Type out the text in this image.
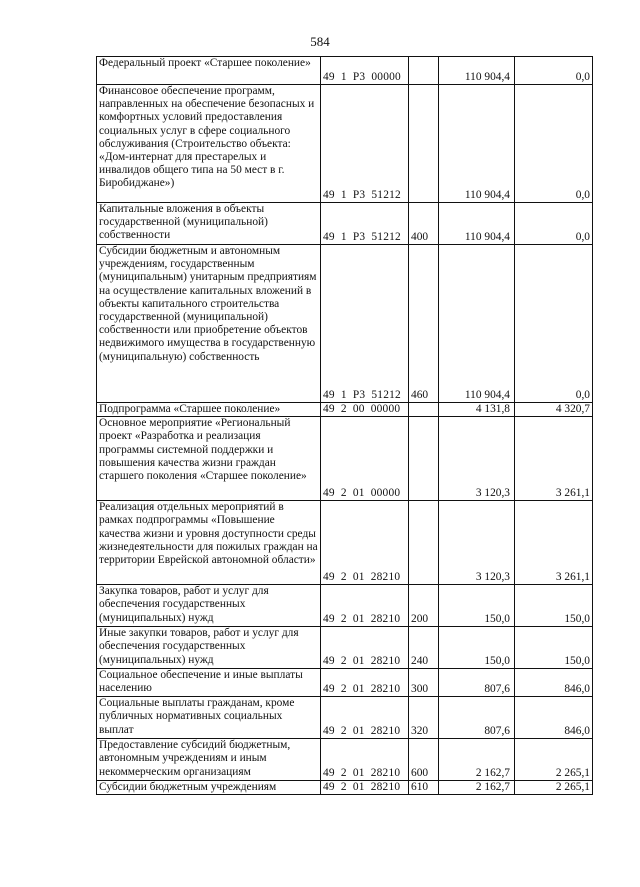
584
Федеральный проект «Старшее поколение»	49  1  P3  00000		110 904,4	0,0
Финансовое обеспечение программ, направленных на обеспечение безопасных и комфортных условий предоставления социальных услуг в сфере социального обслуживания (Строительство объекта: «Дом-интернат для престарелых и инвалидов общего типа на 50 мест в г. Биробиджане»)	49  1  P3  51212		110 904,4	0,0
Капитальные вложения в объекты государственной (муниципальной) собственности	49  1  P3  51212	400	110 904,4	0,0
Субсидии бюджетным и автономным учреждениям, государственным (муниципальным) унитарным предприятиям на осуществление капитальных вложений в объекты капитального строительства государственной (муниципальной) собственности или приобретение объектов недвижимого имущества в государственную (муниципальную) собственность	49  1  P3  51212	460	110 904,4	0,0
Подпрограмма «Старшее поколение»	49  2  00  00000		4 131,8	4 320,7
Основное мероприятие «Региональный проект «Разработка и реализация программы системной поддержки и повышения качества жизни граждан старшего поколения «Старшее поколение»	49  2  01  00000		3 120,3	3 261,1
Реализация отдельных мероприятий в рамках подпрограммы «Повышение качества жизни и уровня доступности среды жизнедеятельности для пожилых граждан на территории Еврейской автономной области»	49  2  01  28210		3 120,3	3 261,1
Закупка товаров, работ и услуг для обеспечения государственных (муниципальных) нужд	49  2  01  28210	200	150,0	150,0
Иные закупки товаров, работ и услуг для обеспечения государственных (муниципальных) нужд	49  2  01  28210	240	150,0	150,0
Социальное обеспечение и иные выплаты населению	49  2  01  28210	300	807,6	846,0
Социальные выплаты гражданам, кроме публичных нормативных социальных выплат	49  2  01  28210	320	807,6	846,0
Предоставление субсидий бюджетным, автономным учреждениям и иным некоммерческим организациям	49  2  01  28210	600	2 162,7	2 265,1
Субсидии бюджетным учреждениям	49  2  01  28210	610	2 162,7	2 265,1
